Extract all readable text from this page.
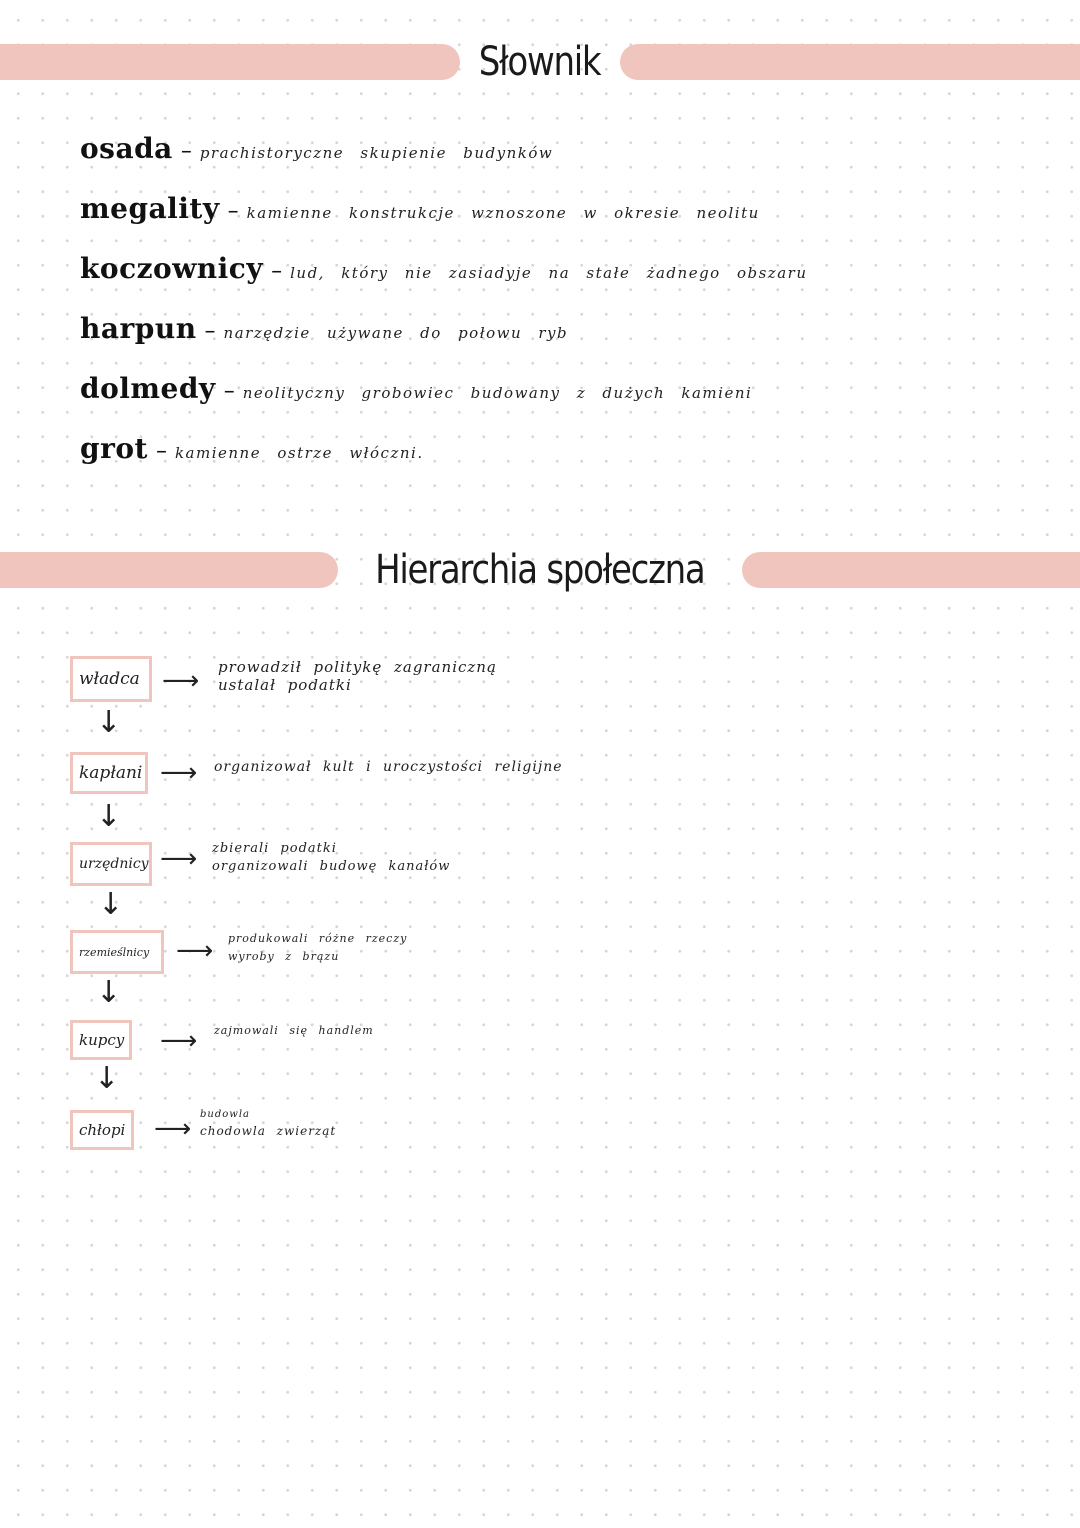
Słownik
osada – prachistoryczne skupienie budynków
megality – kamienne konstrukcje wznoszone w okresie neolitu
koczownicy – lud, który nie zasiadyje na stałe żadnego obszaru
harpun – narzędzie używane do połowu ryb
dolmedy – neolityczny grobowiec budowany z dużych kamieni
grot – kamienne ostrze włóczni.
Hierarchia społeczna
władca ⟶ prowadził politykę zagraniczną
ustalał podatki
↓
kapłani ⟶ organizował kult i uroczystości religijne
↓
urzędnicy ⟶ zbierali podatki
organizowali budowę kanałów
↓
rzemieślnicy	⟶ produkowali różne rzeczy
wyroby z brązu
↓
kupcy ⟶ zajmowali się handlem
↓
chłopi	⟶ budowla
chodowla zwierząt
